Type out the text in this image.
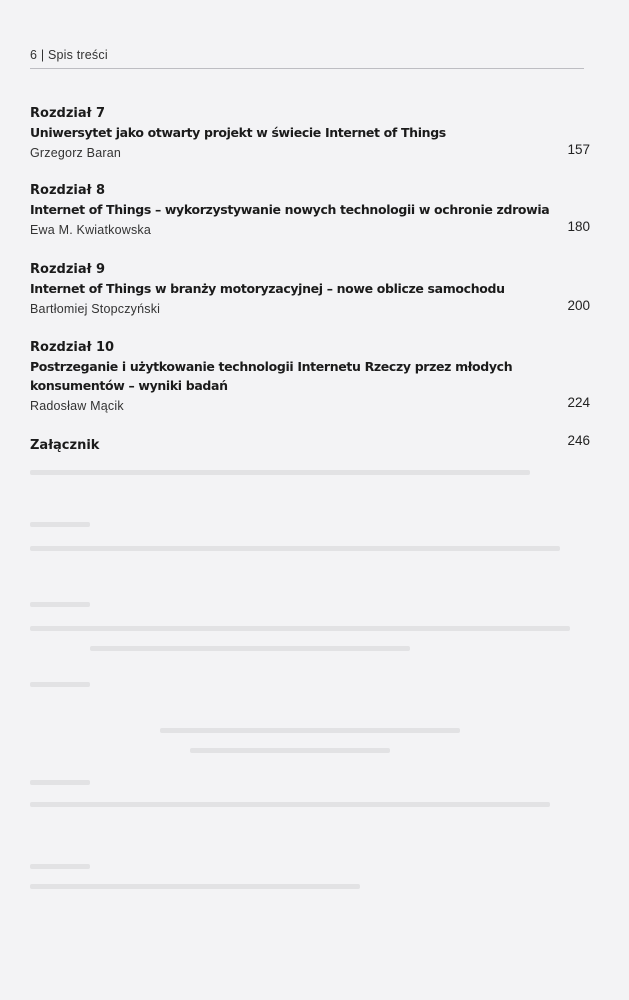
6 | Spis treści
Rozdział 7
Uniwersytet jako otwarty projekt w świecie Internet of Things
Grzegorz Baran	157
Rozdział 8
Internet of Things – wykorzystywanie nowych technologii w ochronie zdrowia
Ewa M. Kwiatkowska	180
Rozdział 9
Internet of Things w branży motoryzacyjnej – nowe oblicze samochodu
Bartłomiej Stopczyński	200
Rozdział 10
Postrzeganie i użytkowanie technologii Internetu Rzeczy przez młodych konsumentów – wyniki badań
Radosław Mącik	224
Załącznik	246
